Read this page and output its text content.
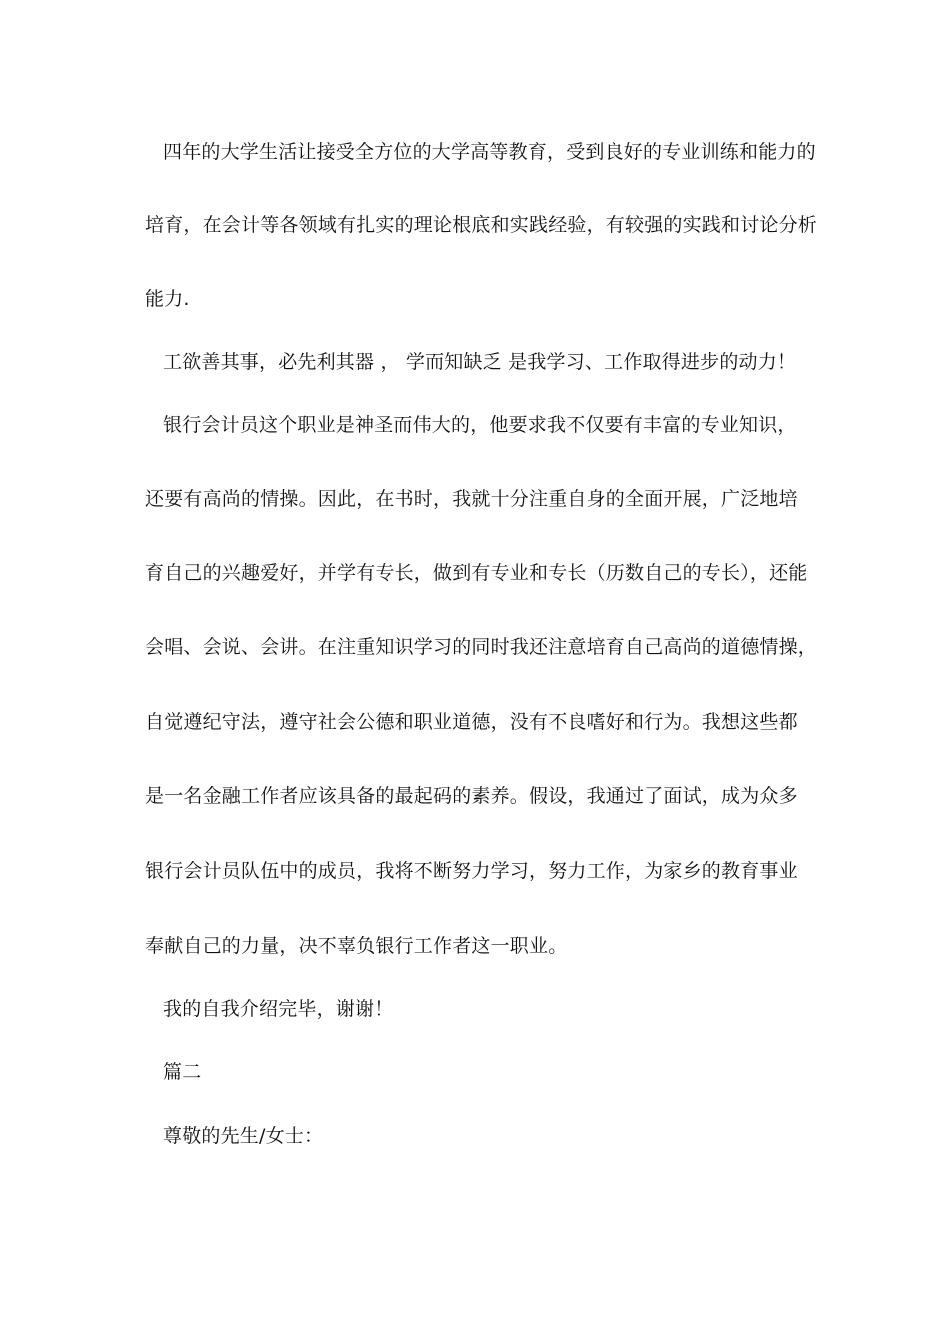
四年的大学生活让接受全方位的大学高等教育，受到良好的专业训练和能力的
培育，在会计等各领域有扎实的理论根底和实践经验，有较强的实践和讨论分析
能力.
工欲善其事，必先利其器 ， 学而知缺乏 是我学习、工作取得进步的动力！
银行会计员这个职业是神圣而伟大的，他要求我不仅要有丰富的专业知识，
还要有高尚的情操。因此，在书时，我就十分注重自身的全面开展，广泛地培
育自己的兴趣爱好，并学有专长，做到有专业和专长（历数自己的专长），还能
会唱、会说、会讲。在注重知识学习的同时我还注意培育自己高尚的道德情操，
自觉遵纪守法，遵守社会公德和职业道德，没有不良嗜好和行为。我想这些都
是一名金融工作者应该具备的最起码的素养。假设，我通过了面试，成为众多
银行会计员队伍中的成员，我将不断努力学习，努力工作，为家乡的教育事业
奉献自己的力量，决不辜负银行工作者这一职业。
我的自我介绍完毕，谢谢！
篇二
尊敬的先生/女士：
